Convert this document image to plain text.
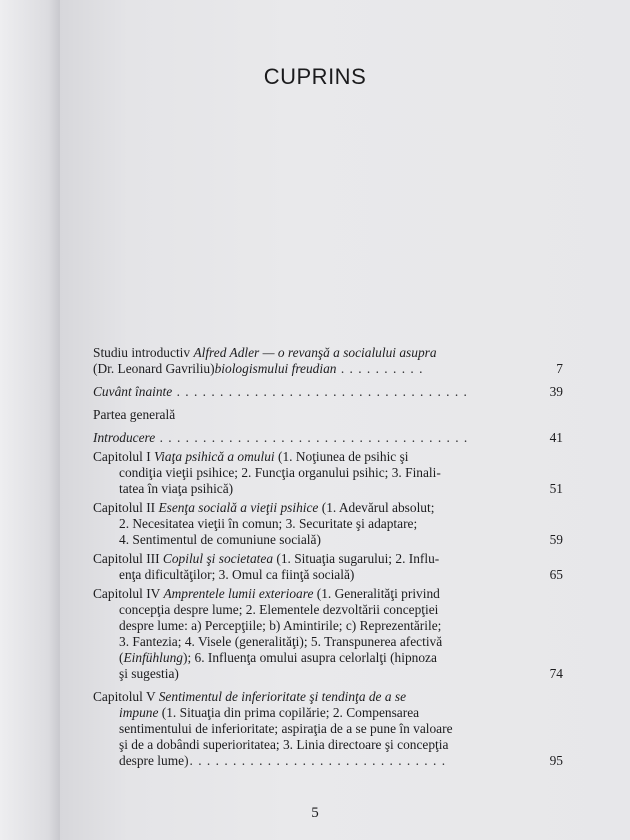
CUPRINS
Studiu introductiv Alfred Adler — o revanşă a socialului asupra
(Dr. Leonard Gavriliu)biologismului freudian . . . . . . . . . .	7
Cuvânt înainte . . . . . . . . . . . . . . . . . . . . . . . . . . . . . . . . . .	39
Partea generală
Introducere . . . . . . . . . . . . . . . . . . . . . . . . . . . . . . . . . . . .	41
Capitolul I Viaţa psihică a omului (1. Noţiunea de psihic şi
condiţia vieţii psihice; 2. Funcţia organului psihic; 3. Finali-
tatea în viaţa psihică)	51
Capitolul II Esenţa socială a vieţii psihice (1. Adevărul absolut;
2. Necesitatea vieţii în comun; 3. Securitate şi adaptare;
4. Sentimentul de comuniune socială)	59
Capitolul III Copilul şi societatea (1. Situaţia sugarului; 2. Influ-
enţa dificultăţilor; 3. Omul ca fiinţă socială)	65
Capitolul IV Amprentele lumii exterioare (1. Generalităţi privind
concepţia despre lume; 2. Elementele dezvoltării concepţiei
despre lume: a) Percepţiile; b) Amintirile; c) Reprezentările;
3. Fantezia; 4. Visele (generalităţi); 5. Transpunerea afectivă
(Einfühlung); 6. Influenţa omului asupra celorlalţi (hipnoza
şi sugestia)	74
Capitolul V Sentimentul de inferioritate şi tendinţa de a se
impune (1. Situaţia din prima copilărie; 2. Compensarea
sentimentului de inferioritate; aspiraţia de a se pune în valoare
şi de a dobândi superioritatea; 3. Linia directoare şi concepţia
despre lume). . . . . . . . . . . . . . . . . . . . . . . . . . . . . .	95
5
